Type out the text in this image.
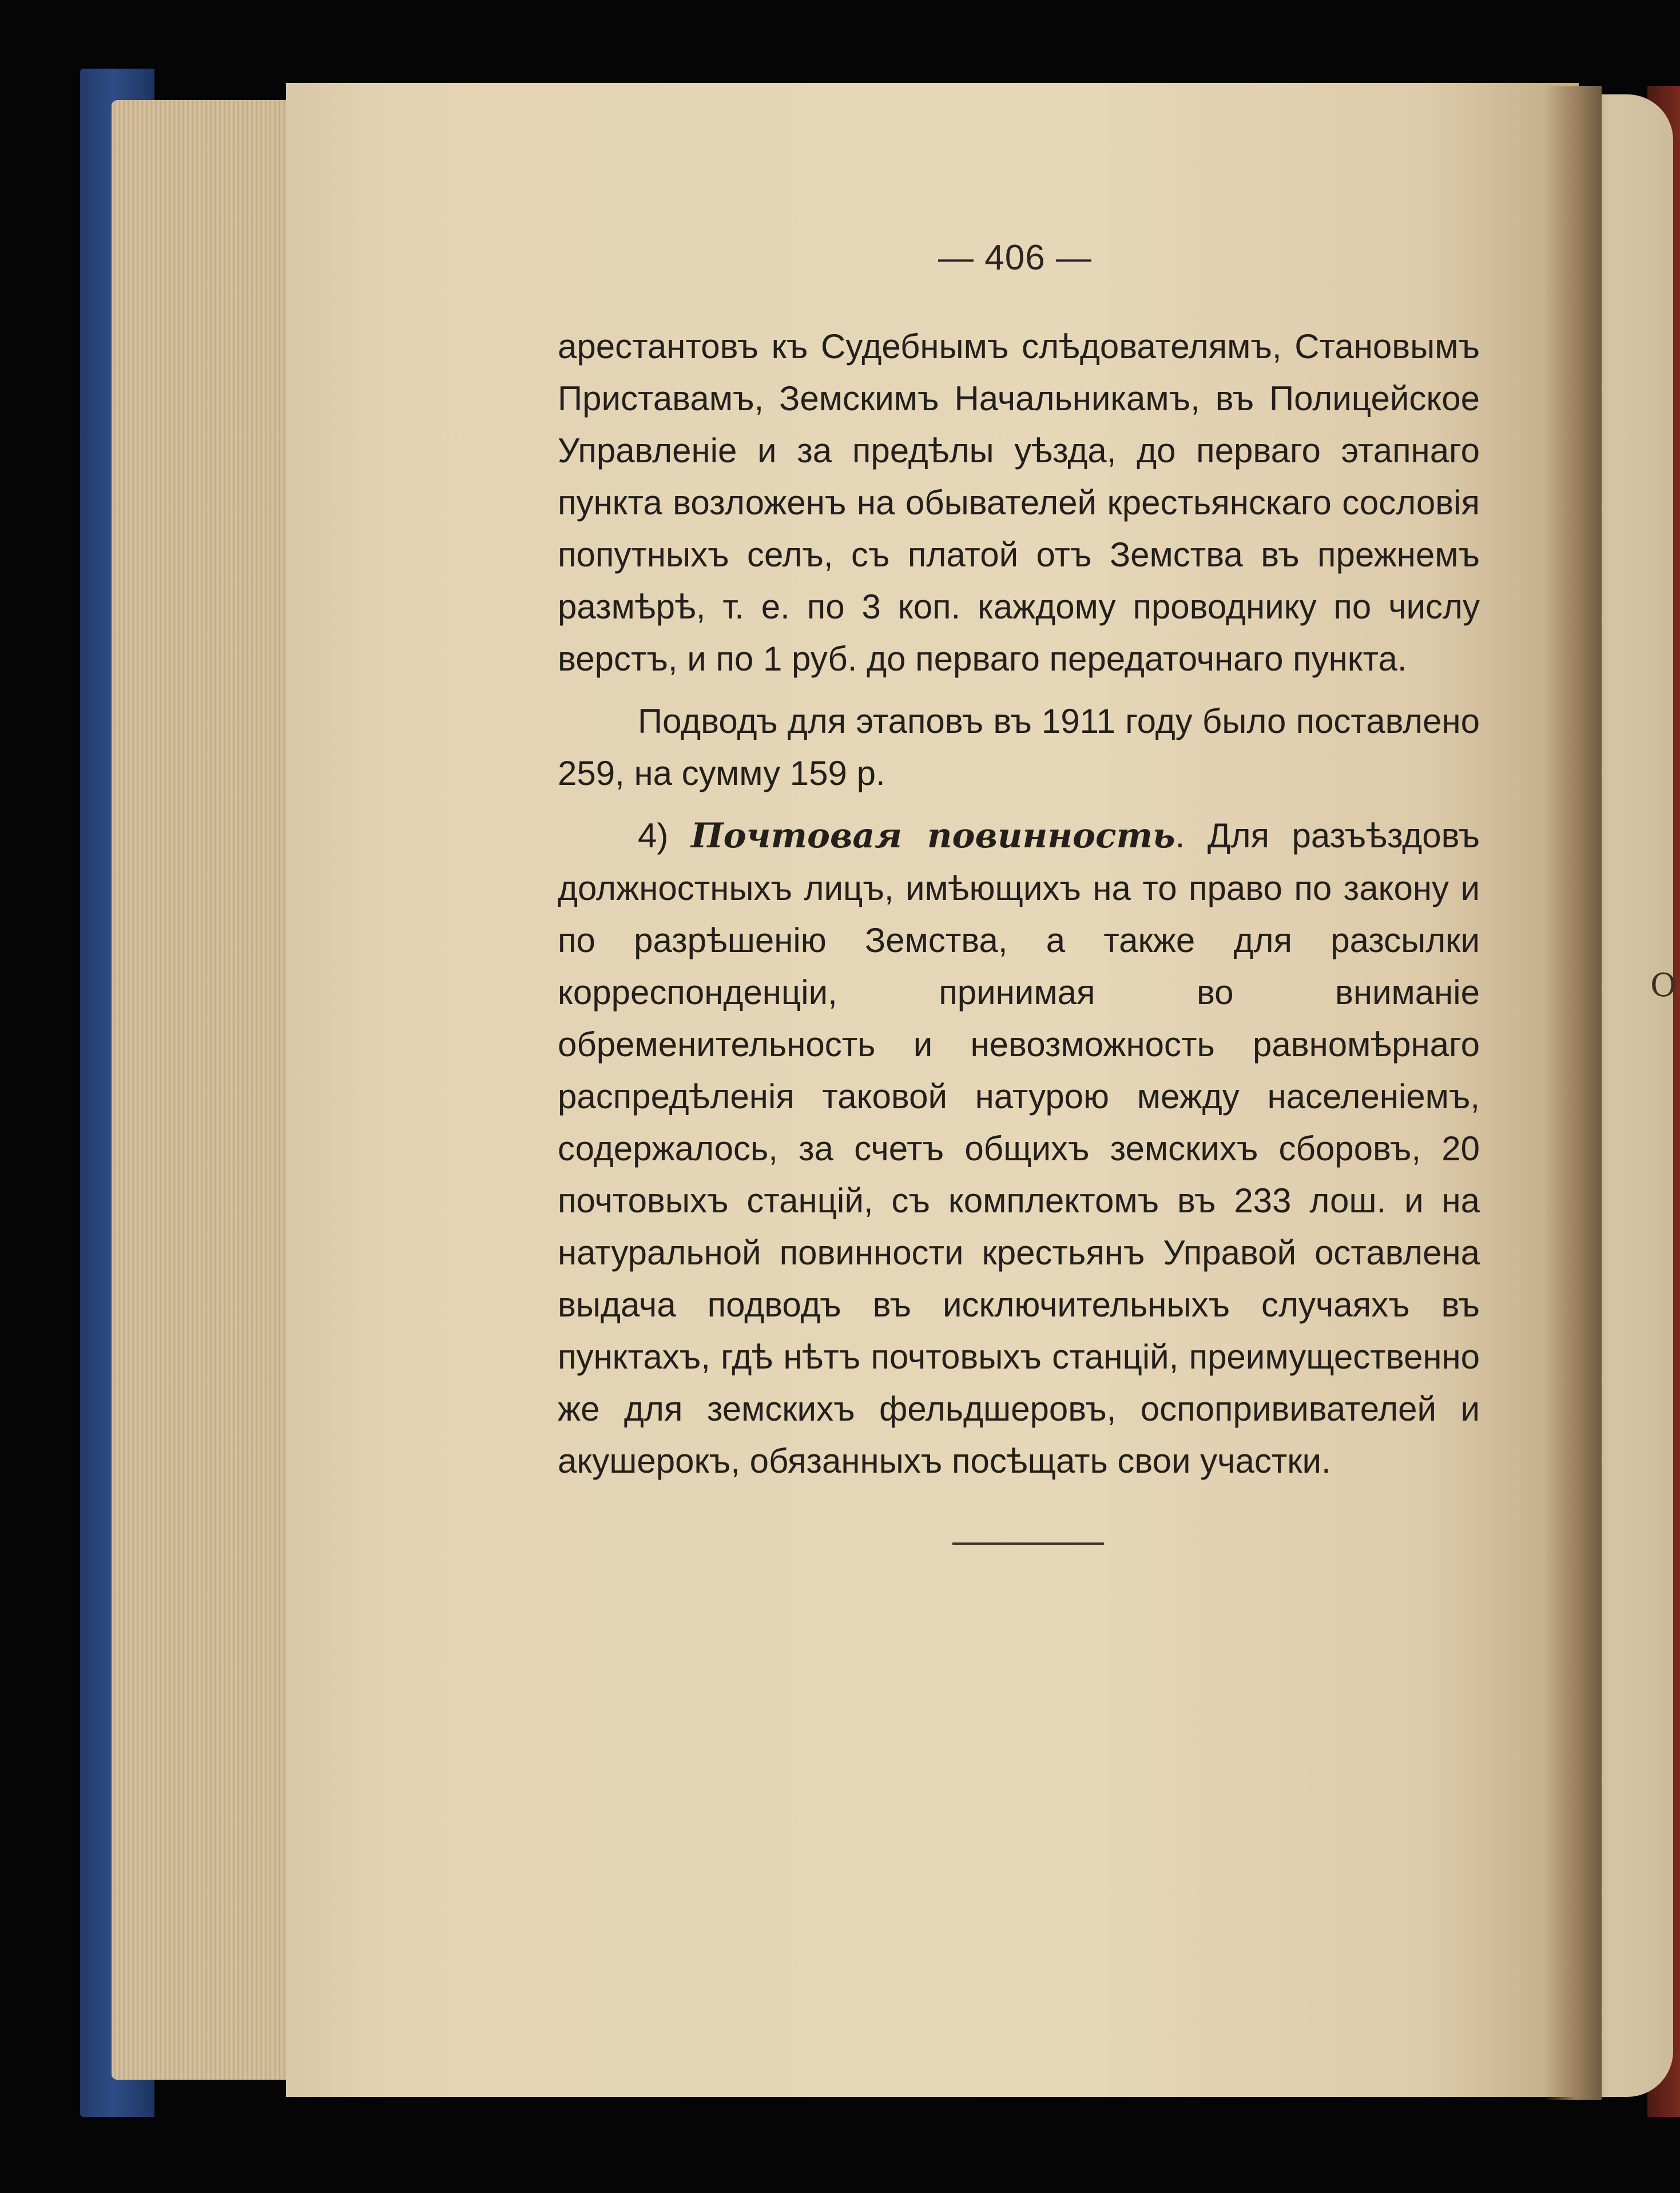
О
— 406 —

арестантовъ къ Судебнымъ слѣдователямъ, Становымъ Приставамъ, Земскимъ Начальникамъ, въ Полицейское Управленіе и за предѣлы уѣзда, до перваго этапнаго пункта возложенъ на обывателей крестьянскаго сословія попутныхъ селъ, съ платой отъ Земства въ прежнемъ размѣрѣ, т. е. по 3 коп. каждому проводнику по числу верстъ, и по 1 руб. до перваго передаточнаго пункта.

Подводъ для этаповъ въ 1911 году было поставлено 259, на сумму 159 р.

4) Почтовая повинность. Для разъѣздовъ должностныхъ лицъ, имѣющихъ на то право по закону и по разрѣшенію Земства, а также для разсылки корреспонденціи, принимая во вниманіе обременительность и невозможность равномѣрнаго распредѣленія таковой натурою между населеніемъ, содержалось, за счетъ общихъ земскихъ сборовъ, 20 почтовыхъ станцій, съ комплектомъ въ 233 лош. и на натуральной повинности крестьянъ Управой оставлена выдача подводъ въ исключительныхъ случаяхъ въ пунктахъ, гдѣ нѣтъ почтовыхъ станцій, преимущественно же для земскихъ фельдшеровъ, оспопрививателей и акушерокъ, обязанныхъ посѣщать свои участки.
